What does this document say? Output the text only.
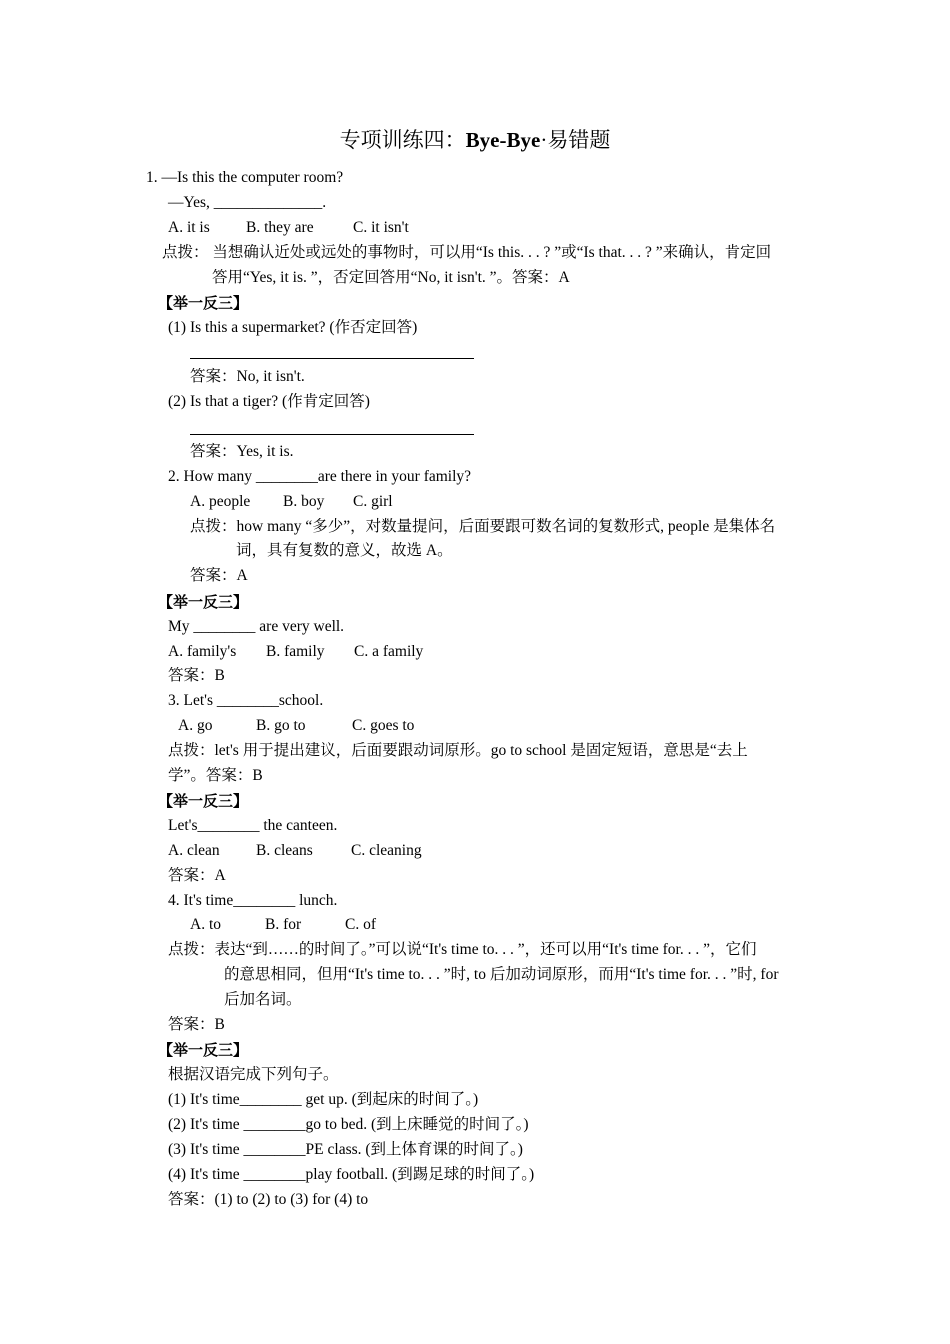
专项训练四：Bye-Bye·易错题
1. —Is this the computer room?
—Yes, ______________.
A. it is B. they are	C. it isn't
点拨： 当想确认近处或远处的事物时，可以用“Is this. . . ? ”或“Is that. . . ? ”来确认，肯定回
答用“Yes, it is. ”，否定回答用“No, it isn't. ”。答案：A
【举一反三】
(1) Is this a supermarket? (作否定回答)
答案：No, it isn't.
(2) Is that a tiger? (作肯定回答)
答案：Yes, it is.
2. How many ________are there in your family?
A. people B. boy C. girl
点拨：how many “多少”，对数量提问，后面要跟可数名词的复数形式, people 是集体名
词，具有复数的意义，故选 A。
答案：A
【举一反三】
My ________ are very well.
A. family's B. family C. a family
答案：B
3. Let's ________school.
A. go	B. go to	C. goes to
点拨：let's 用于提出建议，后面要跟动词原形。go to school 是固定短语，意思是“去上
学”。答案：B
【举一反三】
Let's________ the canteen.
A. clean B. cleans C. cleaning
答案：A
4. It's time________ lunch.
A. to	B. for	C. of
点拨：表达“到……的时间了。”可以说“It's time to. . . ”，还可以用“It's time for. . . ”，它们
的意思相同，但用“It's time to. . . ”时, to 后加动词原形，而用“It's time for. . . ”时, for
后加名词。
答案：B
【举一反三】
根据汉语完成下列句子。
(1) It's time________ get up. (到起床的时间了。)
(2) It's time ________go to bed. (到上床睡觉的时间了。)
(3) It's time ________PE class. (到上体育课的时间了。)
(4) It's time ________play football. (到踢足球的时间了。)
答案：(1) to (2) to (3) for (4) to
